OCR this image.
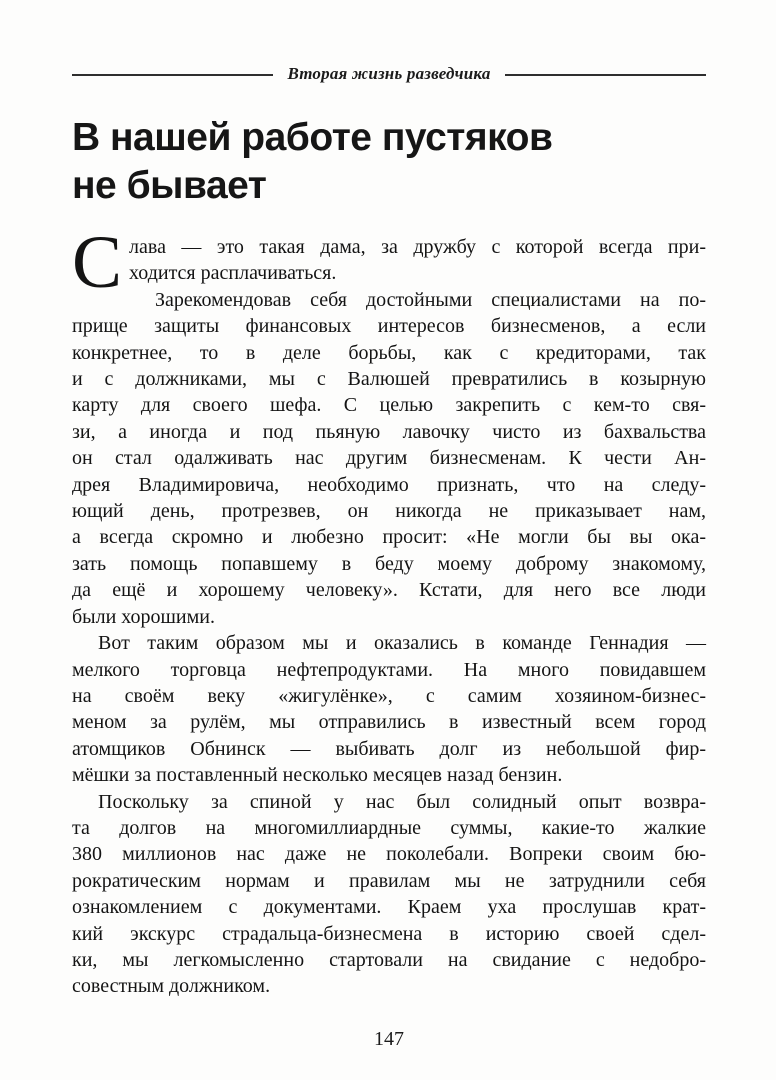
Вторая жизнь разведчика
В нашей работе пустяков
не бывает
С лава — это такая дама, за дружбу с которой всегда при-
ходится расплачиваться.
Зарекомендовав себя достойными специалистами на по-
прище защиты финансовых интересов бизнесменов, а если
конкретнее, то в деле борьбы, как с кредиторами, так
и с должниками, мы с Валюшей превратились в козырную
карту для своего шефа. С целью закрепить с кем-то свя-
зи, а иногда и под пьяную лавочку чисто из бахвальства
он стал одалживать нас другим бизнесменам. К чести Ан-
дрея Владимировича, необходимо признать, что на следу-
ющий день, протрезвев, он никогда не приказывает нам,
а всегда скромно и любезно просит: «Не могли бы вы ока-
зать помощь попавшему в беду моему доброму знакомому,
да ещё и хорошему человеку». Кстати, для него все люди
были хорошими.
Вот таким образом мы и оказались в команде Геннадия —
мелкого торговца нефтепродуктами. На много повидавшем
на своём веку «жигулёнке», с самим хозяином-бизнес-
меном за рулём, мы отправились в известный всем город
атомщиков Обнинск — выбивать долг из небольшой фир-
мёшки за поставленный несколько месяцев назад бензин.
Поскольку за спиной у нас был солидный опыт возвра-
та долгов на многомиллиардные суммы, какие-то жалкие
380 миллионов нас даже не поколебали. Вопреки своим бю-
рократическим нормам и правилам мы не затруднили себя
ознакомлением с документами. Краем уха прослушав крат-
кий экскурс страдальца-бизнесмена в историю своей сдел-
ки, мы легкомысленно стартовали на свидание с недобро-
совестным должником.
147
